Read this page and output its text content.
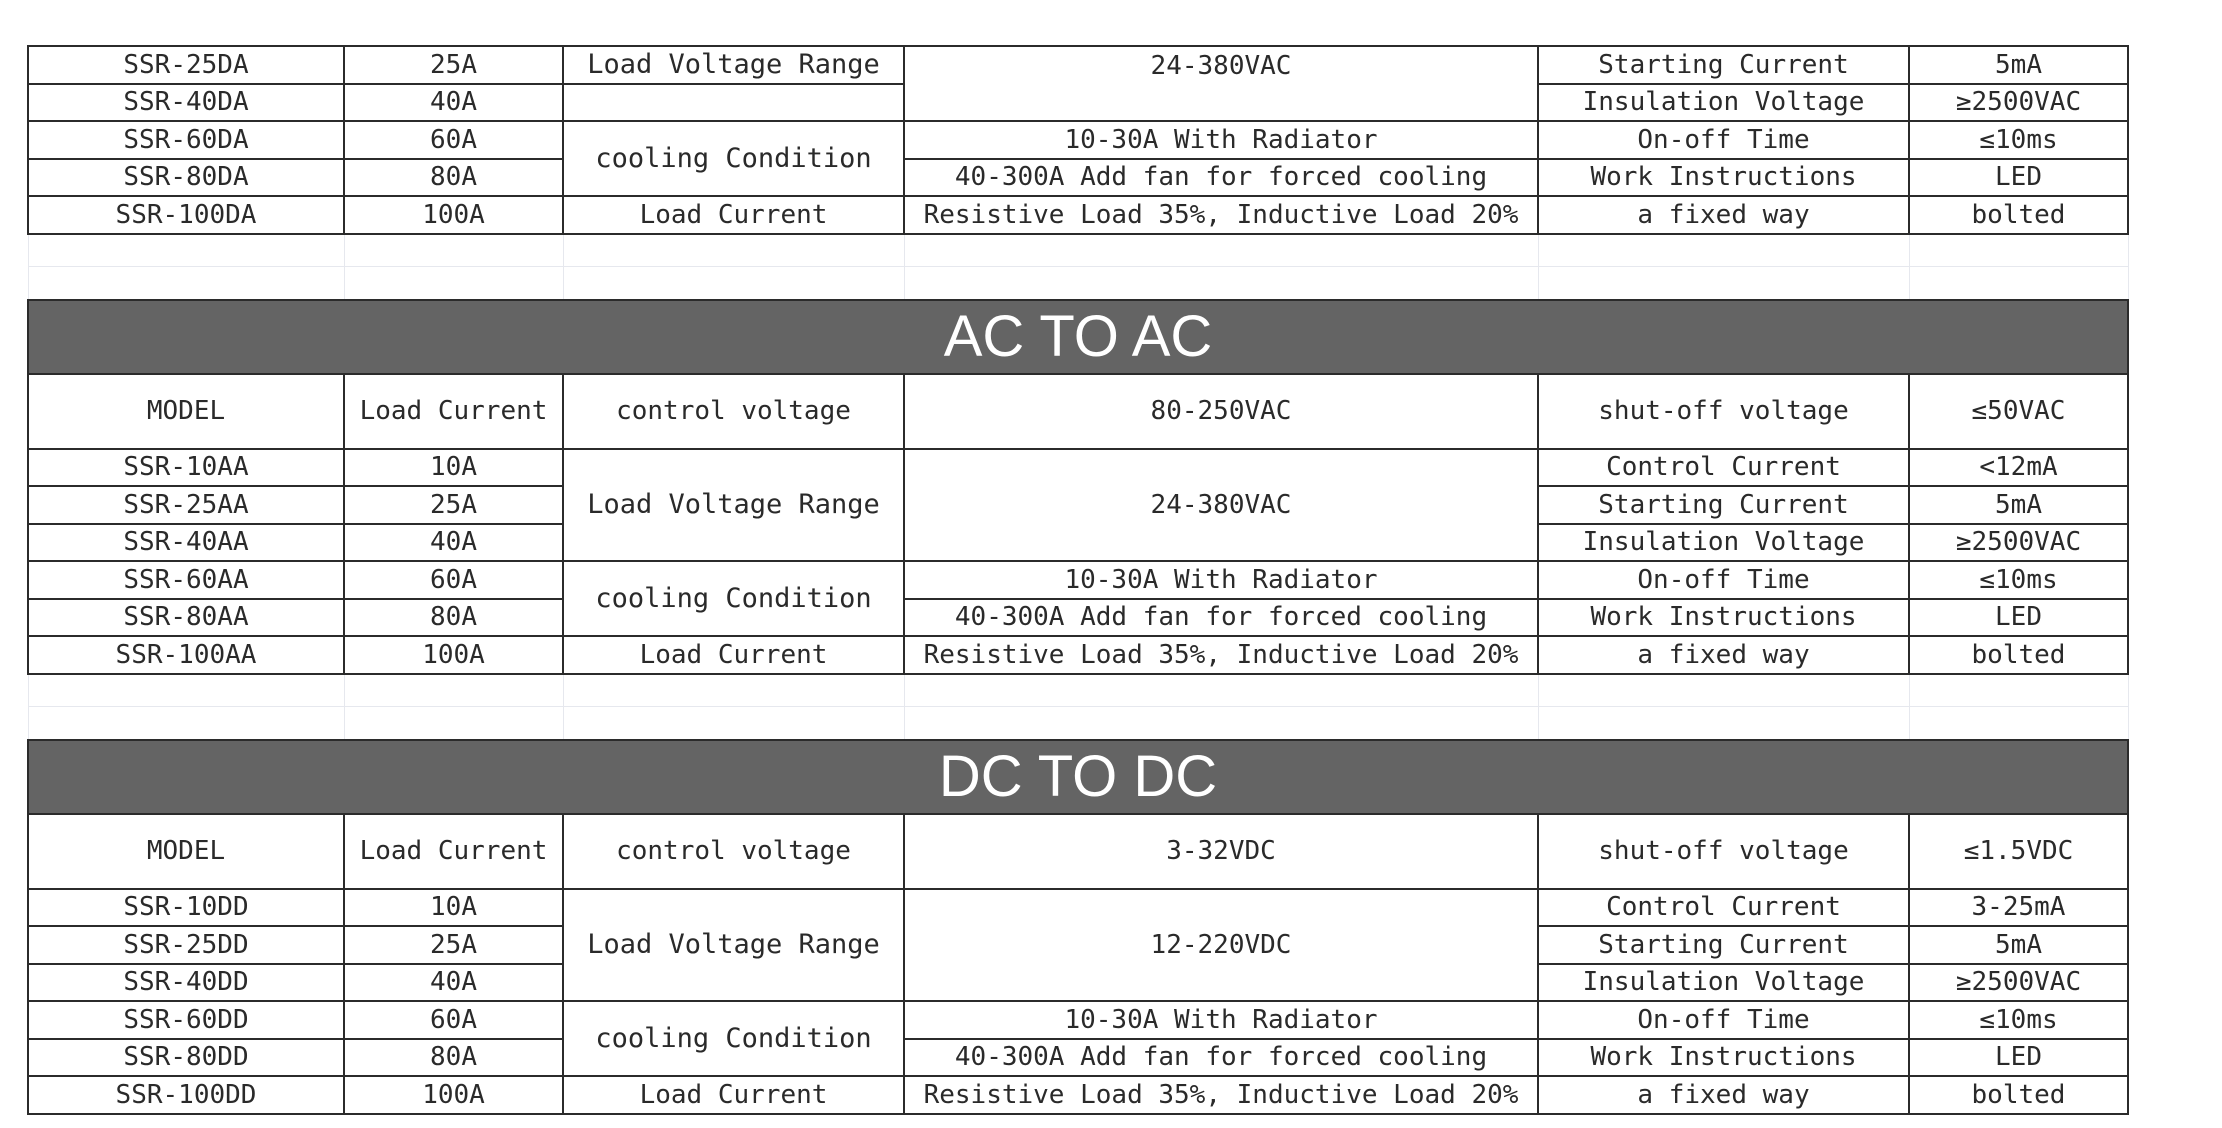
SSR-25DA	25A	Load Voltage Range	24-380VAC	Starting Current	5mA
SSR-40DA	40A			Insulation Voltage	≥2500VAC
SSR-60DA	60A	cooling Condition	10-30A With Radiator	On-off Time	≤10ms
SSR-80DA	80A		40-300A Add fan for forced cooling	Work Instructions	LED
SSR-100DA	100A	Load Current	Resistive Load 35%, Inductive Load 20%	a fixed way	bolted

AC TO AC					
MODEL	Load Current	control voltage	80-250VAC	shut-off voltage	≤50VAC
SSR-10AA	10A	Load Voltage Range	24-380VAC	Control Current	<12mA
SSR-25AA	25A			Starting Current	5mA
SSR-40AA	40A			Insulation Voltage	≥2500VAC
SSR-60AA	60A	cooling Condition	10-30A With Radiator	On-off Time	≤10ms
SSR-80AA	80A		40-300A Add fan for forced cooling	Work Instructions	LED
SSR-100AA	100A	Load Current	Resistive Load 35%, Inductive Load 20%	a fixed way	bolted

DC TO DC					
MODEL	Load Current	control voltage	3-32VDC	shut-off voltage	≤1.5VDC
SSR-10DD	10A	Load Voltage Range	12-220VDC	Control Current	3-25mA
SSR-25DD	25A			Starting Current	5mA
SSR-40DD	40A			Insulation Voltage	≥2500VAC
SSR-60DD	60A	cooling Condition	10-30A With Radiator	On-off Time	≤10ms
SSR-80DD	80A		40-300A Add fan for forced cooling	Work Instructions	LED
SSR-100DD	100A	Load Current	Resistive Load 35%, Inductive Load 20%	a fixed way	bolted
